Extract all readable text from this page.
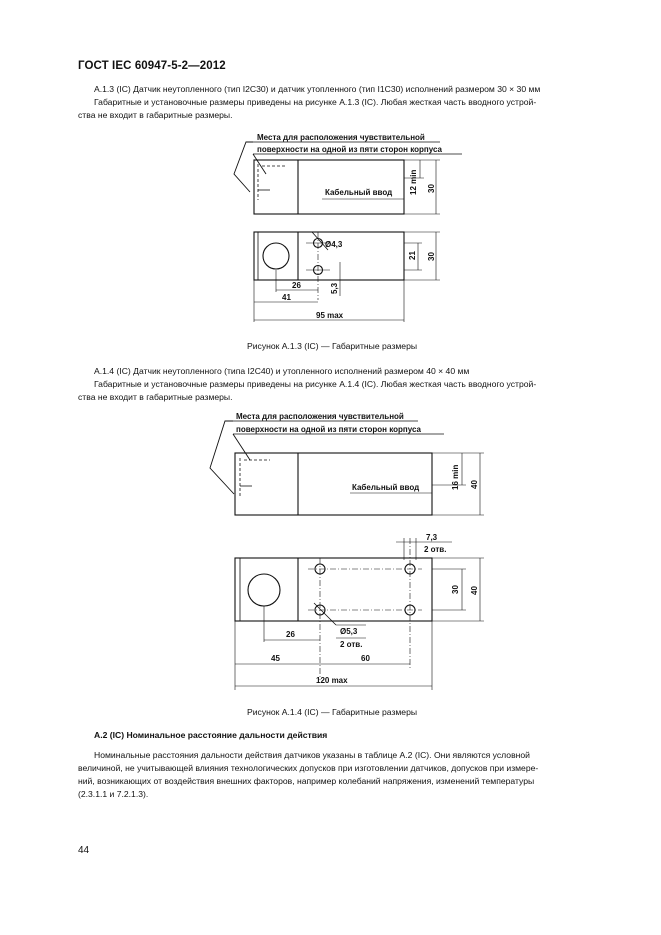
ГОСТ IEC 60947-5-2—2012
А.1.3 (IC) Датчик неутопленного (тип I2C30) и датчик утопленного (тип I1C30) исполнений размером 30 × 30 мм
Габаритные и установочные размеры приведены на рисунке А.1.3 (IC). Любая жесткая часть вводного устрой-
ства не входит в габаритные размеры.
Места для расположения чувствительной
поверхности на одной из пяти сторон корпуса
Кабельный ввод 12 min 30
Ø4,3
21 30
26
41
5,3
95 max
Рисунок А.1.3 (IC) — Габаритные размеры
А.1.4 (IC) Датчик неутопленного (типа I2C40) и утопленного исполнений размером 40 × 40 мм
Габаритные и установочные размеры приведены на рисунке А.1.4 (IC). Любая жесткая часть вводного устрой-
ства не входит в габаритные размеры.
Места для расположения чувствительной
поверхности на одной из пяти сторон корпуса
Кабельный ввод	16 min 40
7,3
2 отв.
30 40
26	Ø5,3
2 отв.
45	60
120 max
Рисунок А.1.4 (IC) — Габаритные размеры
А.2 (IC) Номинальное расстояние дальности действия
Номинальные расстояния дальности действия датчиков указаны в таблице А.2 (IC). Они являются условной
величиной, не учитывающей влияния технологических допусков при изготовлении датчиков, допусков при измере-
ний, возникающих от воздействия внешних факторов, например колебаний напряжения, изменений температуры
(2.3.1.1 и 7.2.1.3).
44
